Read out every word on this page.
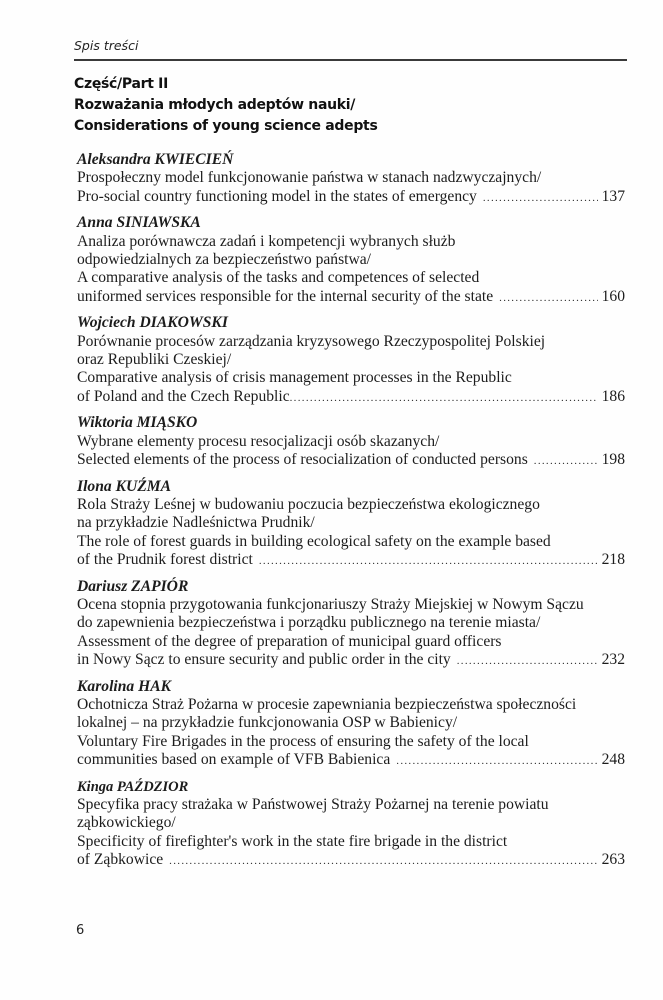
Spis treści
Część/Part II
Rozważania młodych adeptów nauki/
Considerations of young science adepts
Aleksandra KWIECIEŃ
Prospołeczny model funkcjonowanie państwa w stanach nadzwyczajnych/
Pro-social country functioning model in the states of emergency .....	137
Anna SINIAWSKA
Analiza porównawcza zadań i kompetencji wybranych służb
odpowiedzialnych za bezpieczeństwo państwa/
A comparative analysis of the tasks and competences of selected
uniformed services responsible for the internal security of the state .....	160
Wojciech DIAKOWSKI
Porównanie procesów zarządzania kryzysowego Rzeczypospolitej Polskiej
oraz Republiki Czeskiej/
Comparative analysis of crisis management processes in the Republic
of Poland and the Czech Republic .....	186
Wiktoria MIĄSKO
Wybrane elementy procesu resocjalizacji osób skazanych/
Selected elements of the process of resocialization of conducted persons .....	198
Ilona KUŹMA
Rola Straży Leśnej w budowaniu poczucia bezpieczeństwa ekologicznego
na przykładzie Nadleśnictwa Prudnik/
The role of forest guards in building ecological safety on the example based
of the Prudnik forest district .....	218
Dariusz ZAPIÓR
Ocena stopnia przygotowania funkcjonariuszy Straży Miejskiej w Nowym Sączu
do zapewnienia bezpieczeństwa i porządku publicznego na terenie miasta/
Assessment of the degree of preparation of municipal guard officers
in Nowy Sącz to ensure security and public order in the city .....	232
Karolina HAK
Ochotnicza Straż Pożarna w procesie zapewniania bezpieczeństwa społeczności
lokalnej – na przykładzie funkcjonowania OSP w Babienicy/
Voluntary Fire Brigades in the process of ensuring the safety of the local
communities based on example of VFB Babienica .....	248
Kinga PAŹDZIOR
Specyfika pracy strażaka w Państwowej Straży Pożarnej na terenie powiatu
ząbkowickiego/
Specificity of firefighter's work in the state fire brigade in the district
of Ząbkowice .....	263
6
